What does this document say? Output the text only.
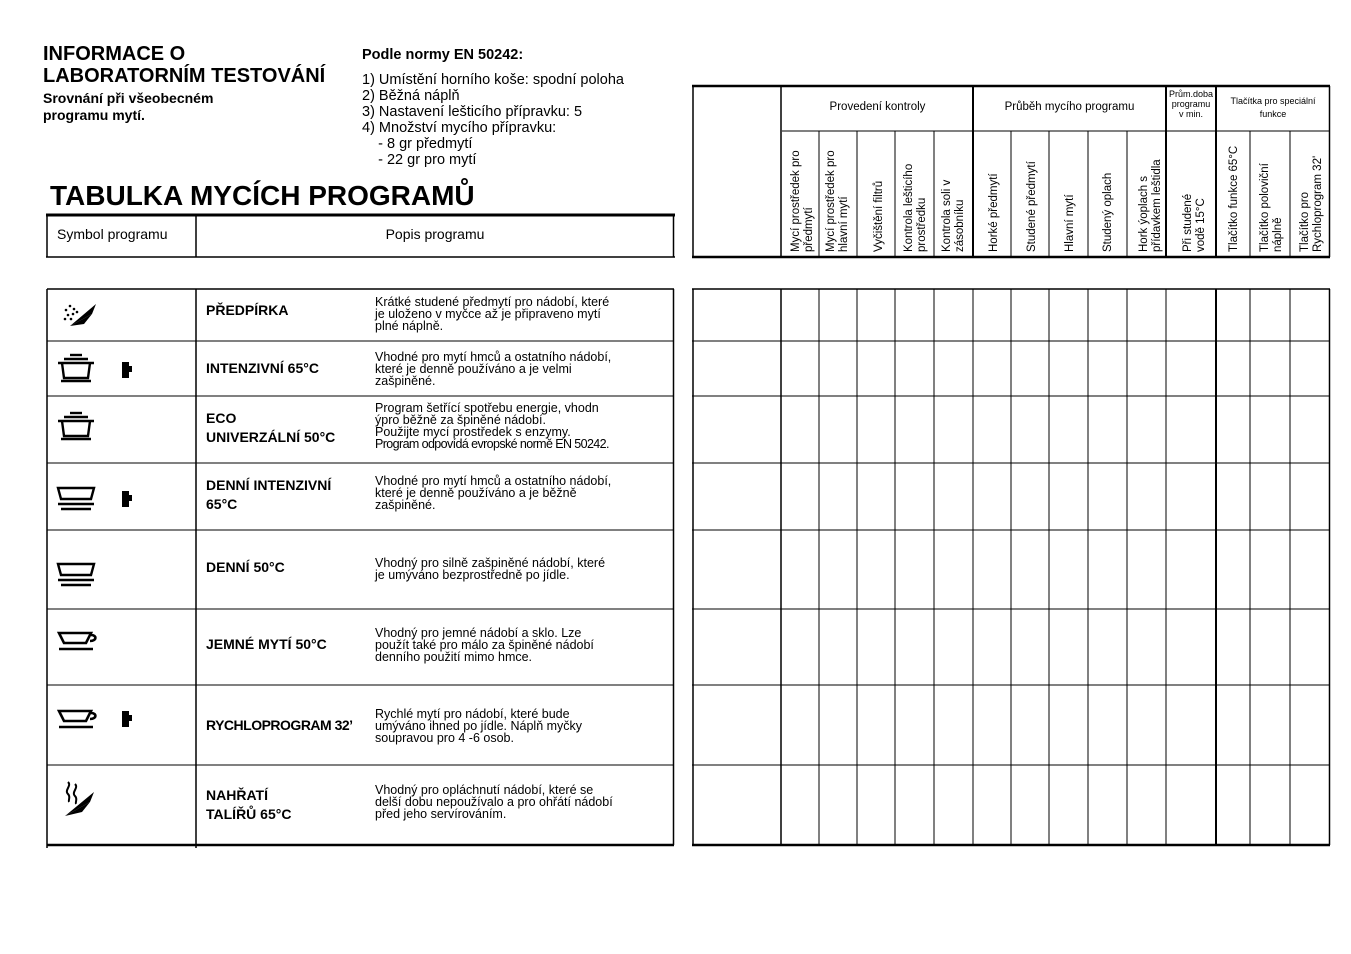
INFORMACE O
LABORATORNÍM TESTOVÁNÍ
Srovnání při všeobecném
programu mytí.
Podle normy EN 50242:
1) Umístění horního koše: spodní poloha
2) Běžná náplň
3) Nastavení lešticího přípravku: 5
4) Množství mycího přípravku:
- 8 gr předmytí
- 22 gr pro mytí
TABULKA MYCÍCH PROGRAMŮ
Symbol programu	Popis programu
Provedení kontroly	Průběh mycího programu
Prům.doba
programu
v min.
Tlačítka pro speciální
funkce
Mycí prostředek pro předmytí Mycí prostředek pro hlavní mytí Vyčištění filtrů Kontrola lešticího prostředku Kontrola soli v zásobníku Horké předmytí Studené předmytí Hlavní mytí Studený oplach Hork ýoplach s přídavkem leštidla Při studené vodě 15°C Tlačítko funkce 65°C Tlačítko poloviční náplně Tlačítko pro Rychloprogram 32'
PŘEDPÍRKA
INTENZIVNÍ 65°C
ECO
UNIVERZÁLNÍ 50°C
DENNÍ INTENZIVNÍ
65°C
DENNÍ 50°C
JEMNÉ MYTÍ 50°C
RYCHLOPROGRAM 32’
NAHŘATÍ
TALÍŘŮ 65°C
Krátké studené předmytí pro nádobí, které
je uloženo v myčce až je připraveno mytí
plné náplně.
Vhodné pro mytí hmců a ostatního nádobí,
které je denně používáno a je velmi
zašpiněné.
Program šetřící spotřebu energie, vhodn
ýpro běžně za špiněné nádobí.
Použijte mycí prostředek s enzymy.
Program odpovídá evropské normě EN 50242.
Vhodné pro mytí hmců a ostatního nádobí,
které je denně používáno a je běžně
zašpiněné.
Vhodný pro silně zašpiněné nádobí, které
je umýváno bezprostředně po jídle.
Vhodný pro jemné nádobí a sklo. Lze
použít také pro málo za špiněné nádobí
denního použití mimo hmce.
Rychlé mytí pro nádobí, které bude
umýváno ihned po jídle. Náplň myčky
soupravou pro 4 -6 osob.
Vhodný pro opláchnutí nádobí, které se
delší dobu nepoužívalo a pro ohřátí nádobí
před jeho servírováním.
